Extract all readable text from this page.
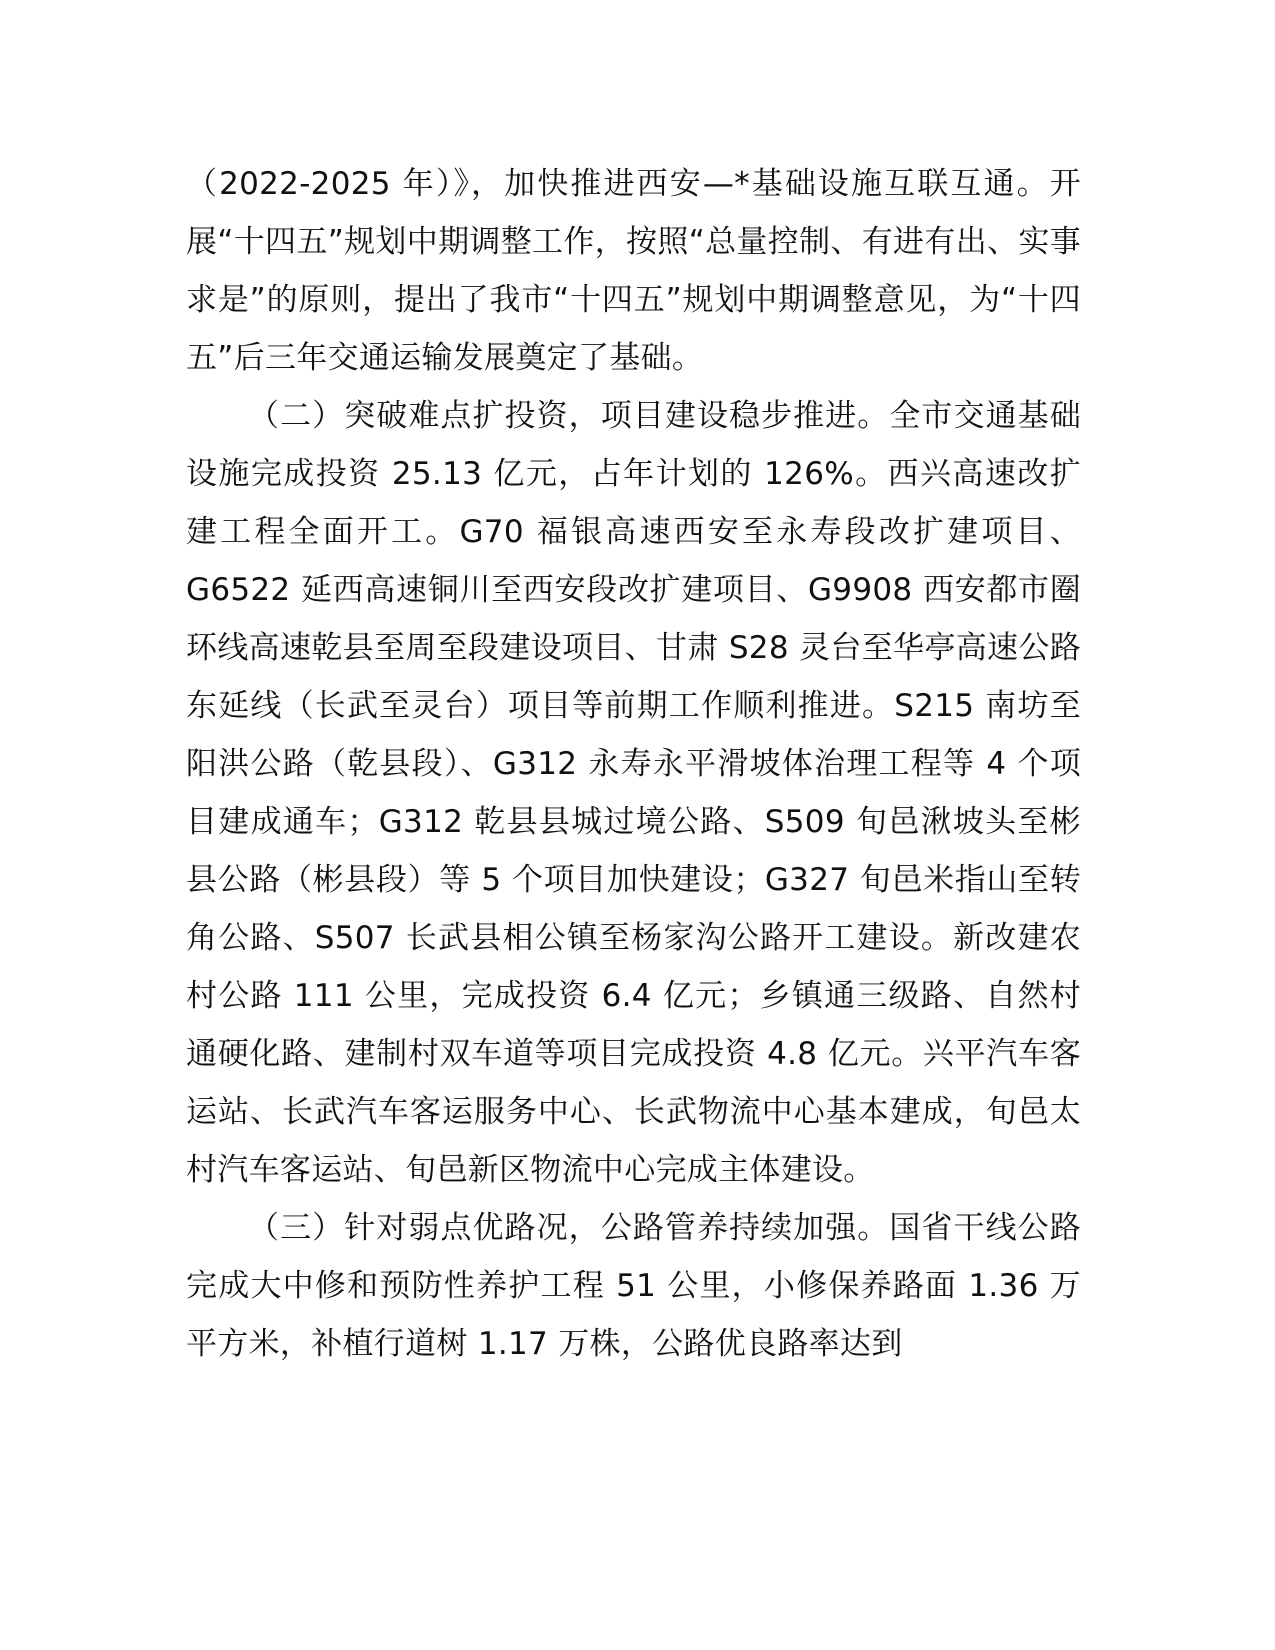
（2022-2025 年）》，加快推进西安—*基础设施互联互通。开展“十四五”规划中期调整工作，按照“总量控制、有进有出、实事求是”的原则，提出了我市“十四五”规划中期调整意见，为“十四五”后三年交通运输发展奠定了基础。

（二）突破难点扩投资，项目建设稳步推进。全市交通基础设施完成投资 25.13 亿元，占年计划的 126%。西兴高速改扩建工程全面开工。G70 福银高速西安至永寿段改扩建项目、G6522 延西高速铜川至西安段改扩建项目、G9908 西安都市圈环线高速乾县至周至段建设项目、甘肃 S28 灵台至华亭高速公路东延线（长武至灵台）项目等前期工作顺利推进。S215 南坊至阳洪公路（乾县段）、G312 永寿永平滑坡体治理工程等 4 个项目建成通车；G312 乾县县城过境公路、S509 旬邑湫坡头至彬县公路（彬县段）等 5 个项目加快建设；G327 旬邑米指山至转角公路、S507 长武县相公镇至杨家沟公路开工建设。新改建农村公路 111 公里，完成投资 6.4 亿元；乡镇通三级路、自然村通硬化路、建制村双车道等项目完成投资 4.8 亿元。兴平汽车客运站、长武汽车客运服务中心、长武物流中心基本建成，旬邑太村汽车客运站、旬邑新区物流中心完成主体建设。

（三）针对弱点优路况，公路管养持续加强。国省干线公路完成大中修和预防性养护工程 51 公里，小修保养路面 1.36 万平方米，补植行道树 1.17 万株，公路优良路率达到
